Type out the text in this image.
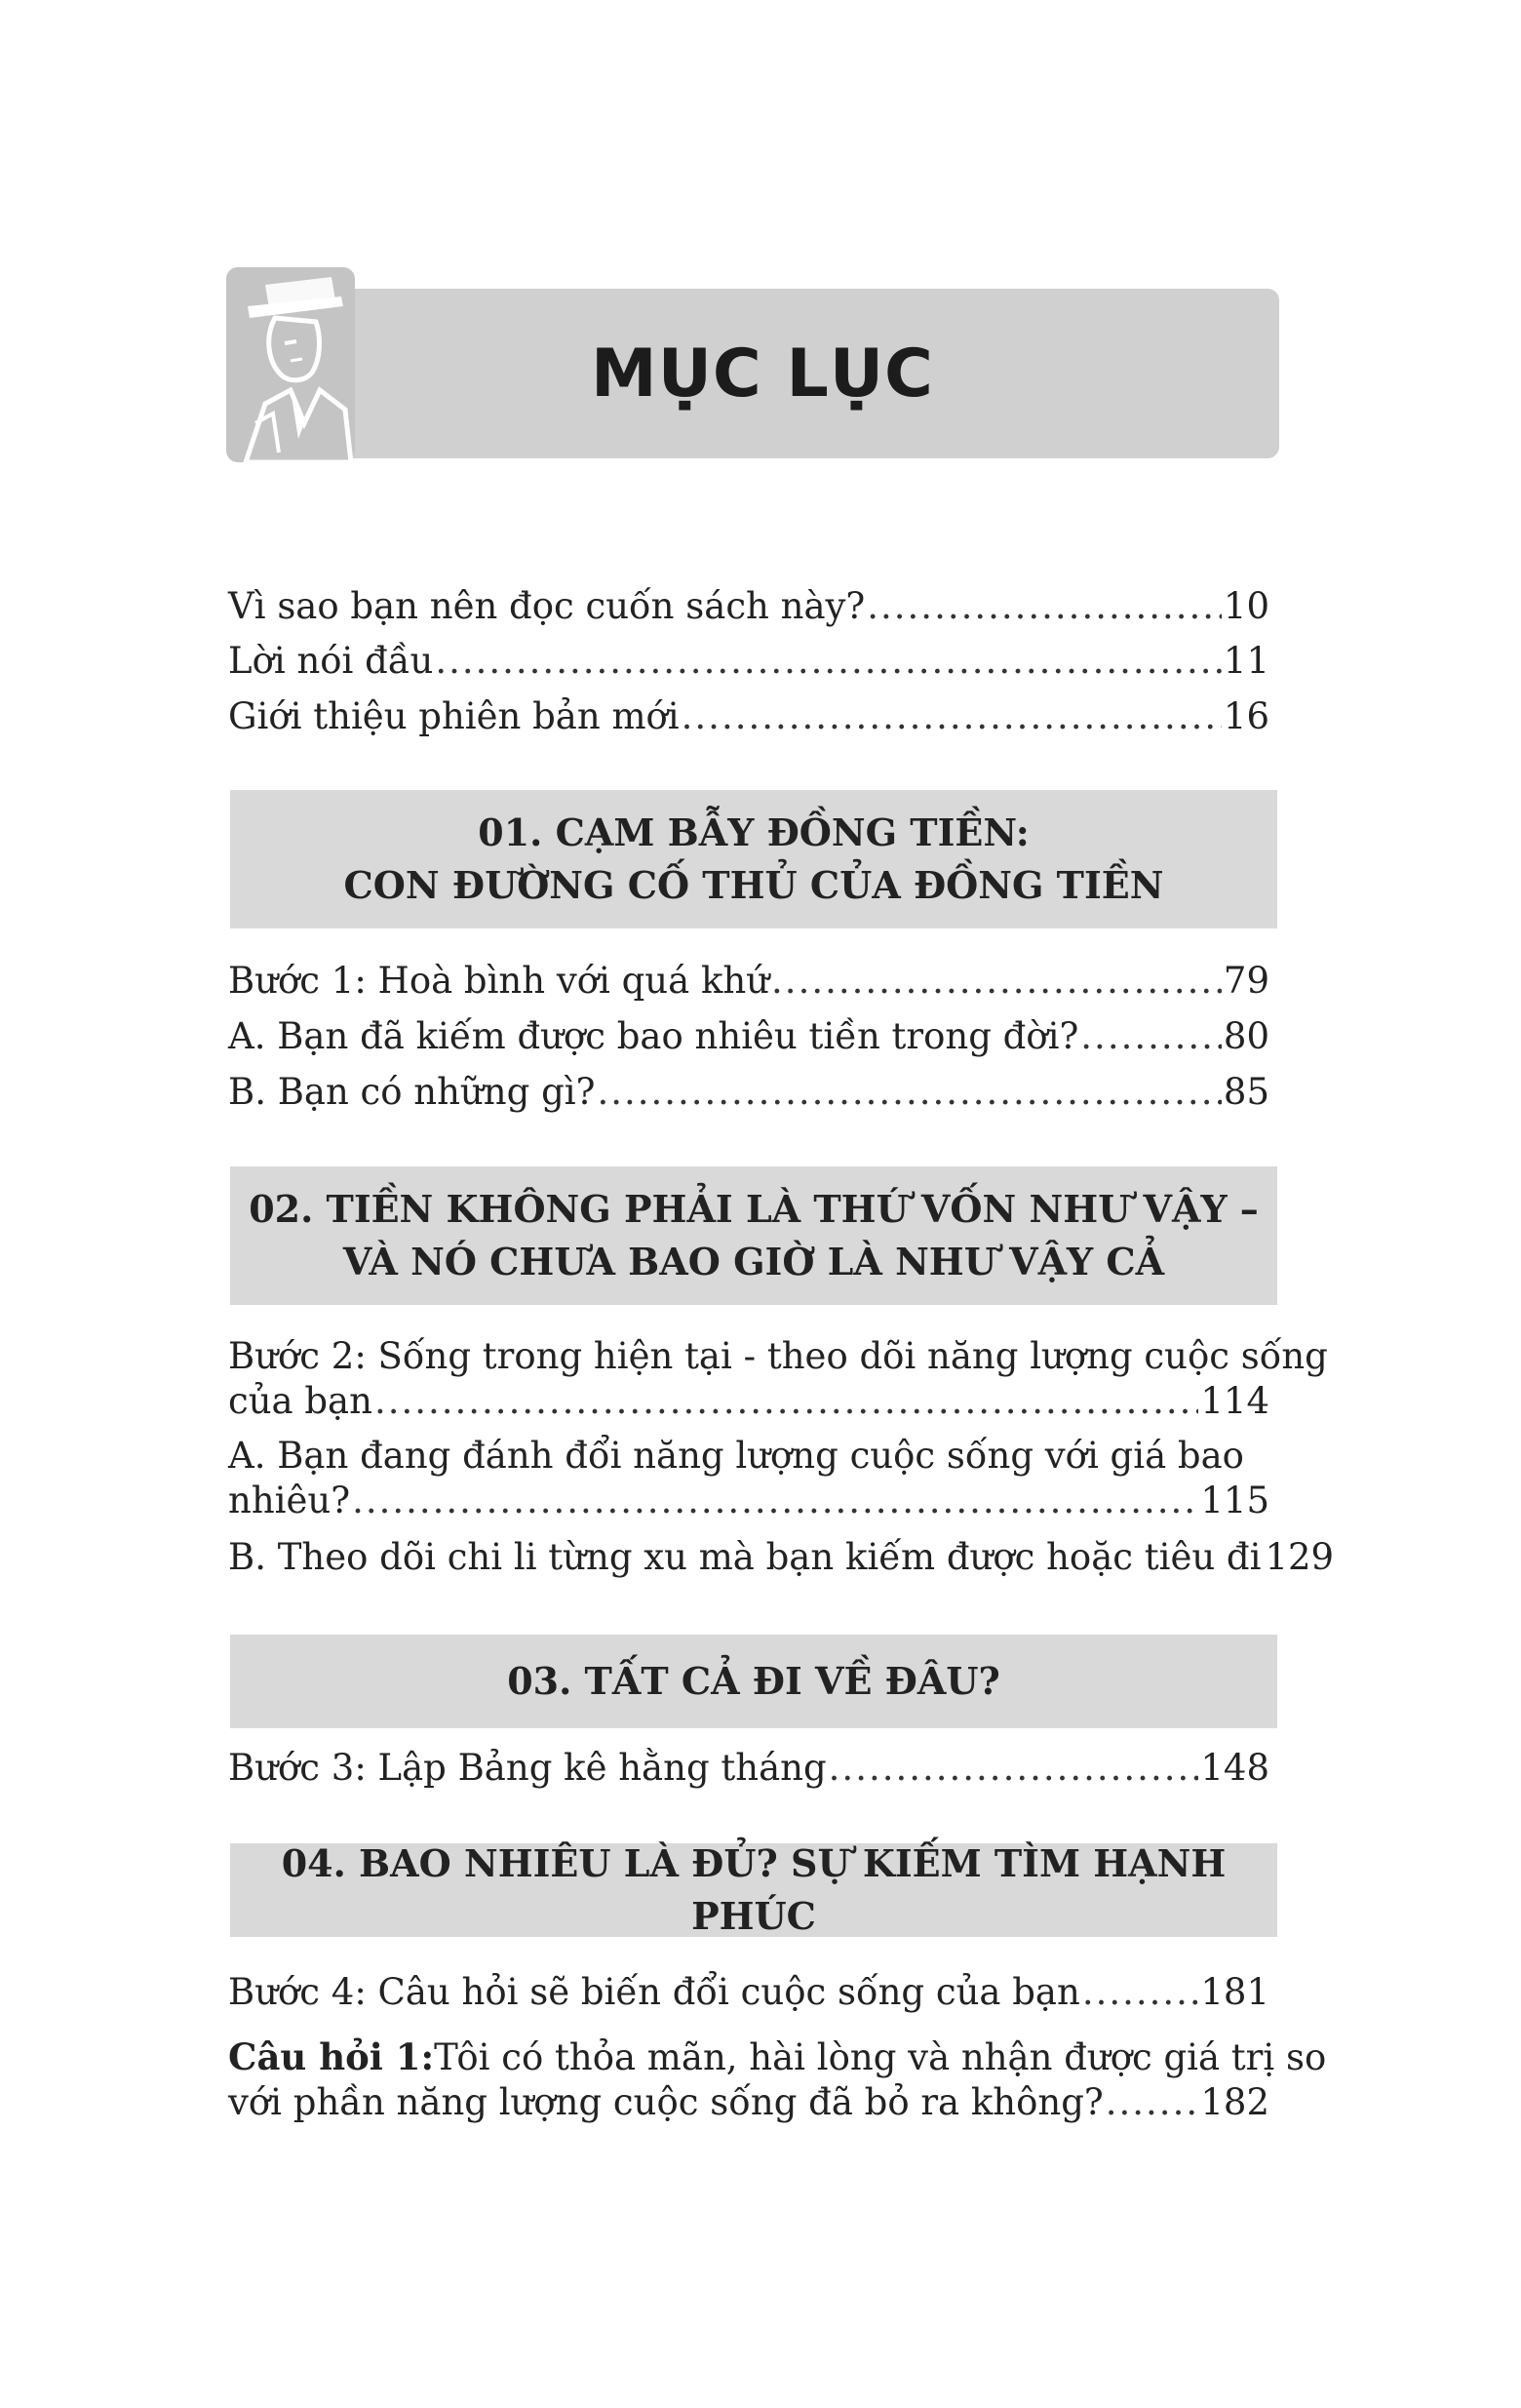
MỤC LỤC
Vì sao bạn nên đọc cuốn sách này? .....	10
Lời nói đầu .....	11
Giới thiệu phiên bản mới .....	16
01. CẠM BẪY ĐỒNG TIỀN:
CON ĐƯỜNG CỐ THỦ CỦA ĐỒNG TIỀN
Bước 1: Hoà bình với quá khứ .....	79
A. Bạn đã kiếm được bao nhiêu tiền trong đời? .....	80
B. Bạn có những gì? .....	85
02. TIỀN KHÔNG PHẢI LÀ THỨ VỐN NHƯ VẬY –
VÀ NÓ CHƯA BAO GIỜ LÀ NHƯ VẬY CẢ
Bước 2: Sống trong hiện tại - theo dõi năng lượng cuộc sống
của bạn .....	114
A. Bạn đang đánh đổi năng lượng cuộc sống với giá bao
nhiêu? .....	115
B. Theo dõi chi li từng xu mà bạn kiếm được hoặc tiêu đi 129
03. TẤT CẢ ĐI VỀ ĐÂU?
Bước 3: Lập Bảng kê hằng tháng .....	148
04. BAO NHIÊU LÀ ĐỦ? SỰ KIẾM TÌM HẠNH PHÚC
Bước 4: Câu hỏi sẽ biến đổi cuộc sống của bạn .....	181
Câu hỏi 1: Tôi có thỏa mãn, hài lòng và nhận được giá trị so
với phần năng lượng cuộc sống đã bỏ ra không? .....	182
